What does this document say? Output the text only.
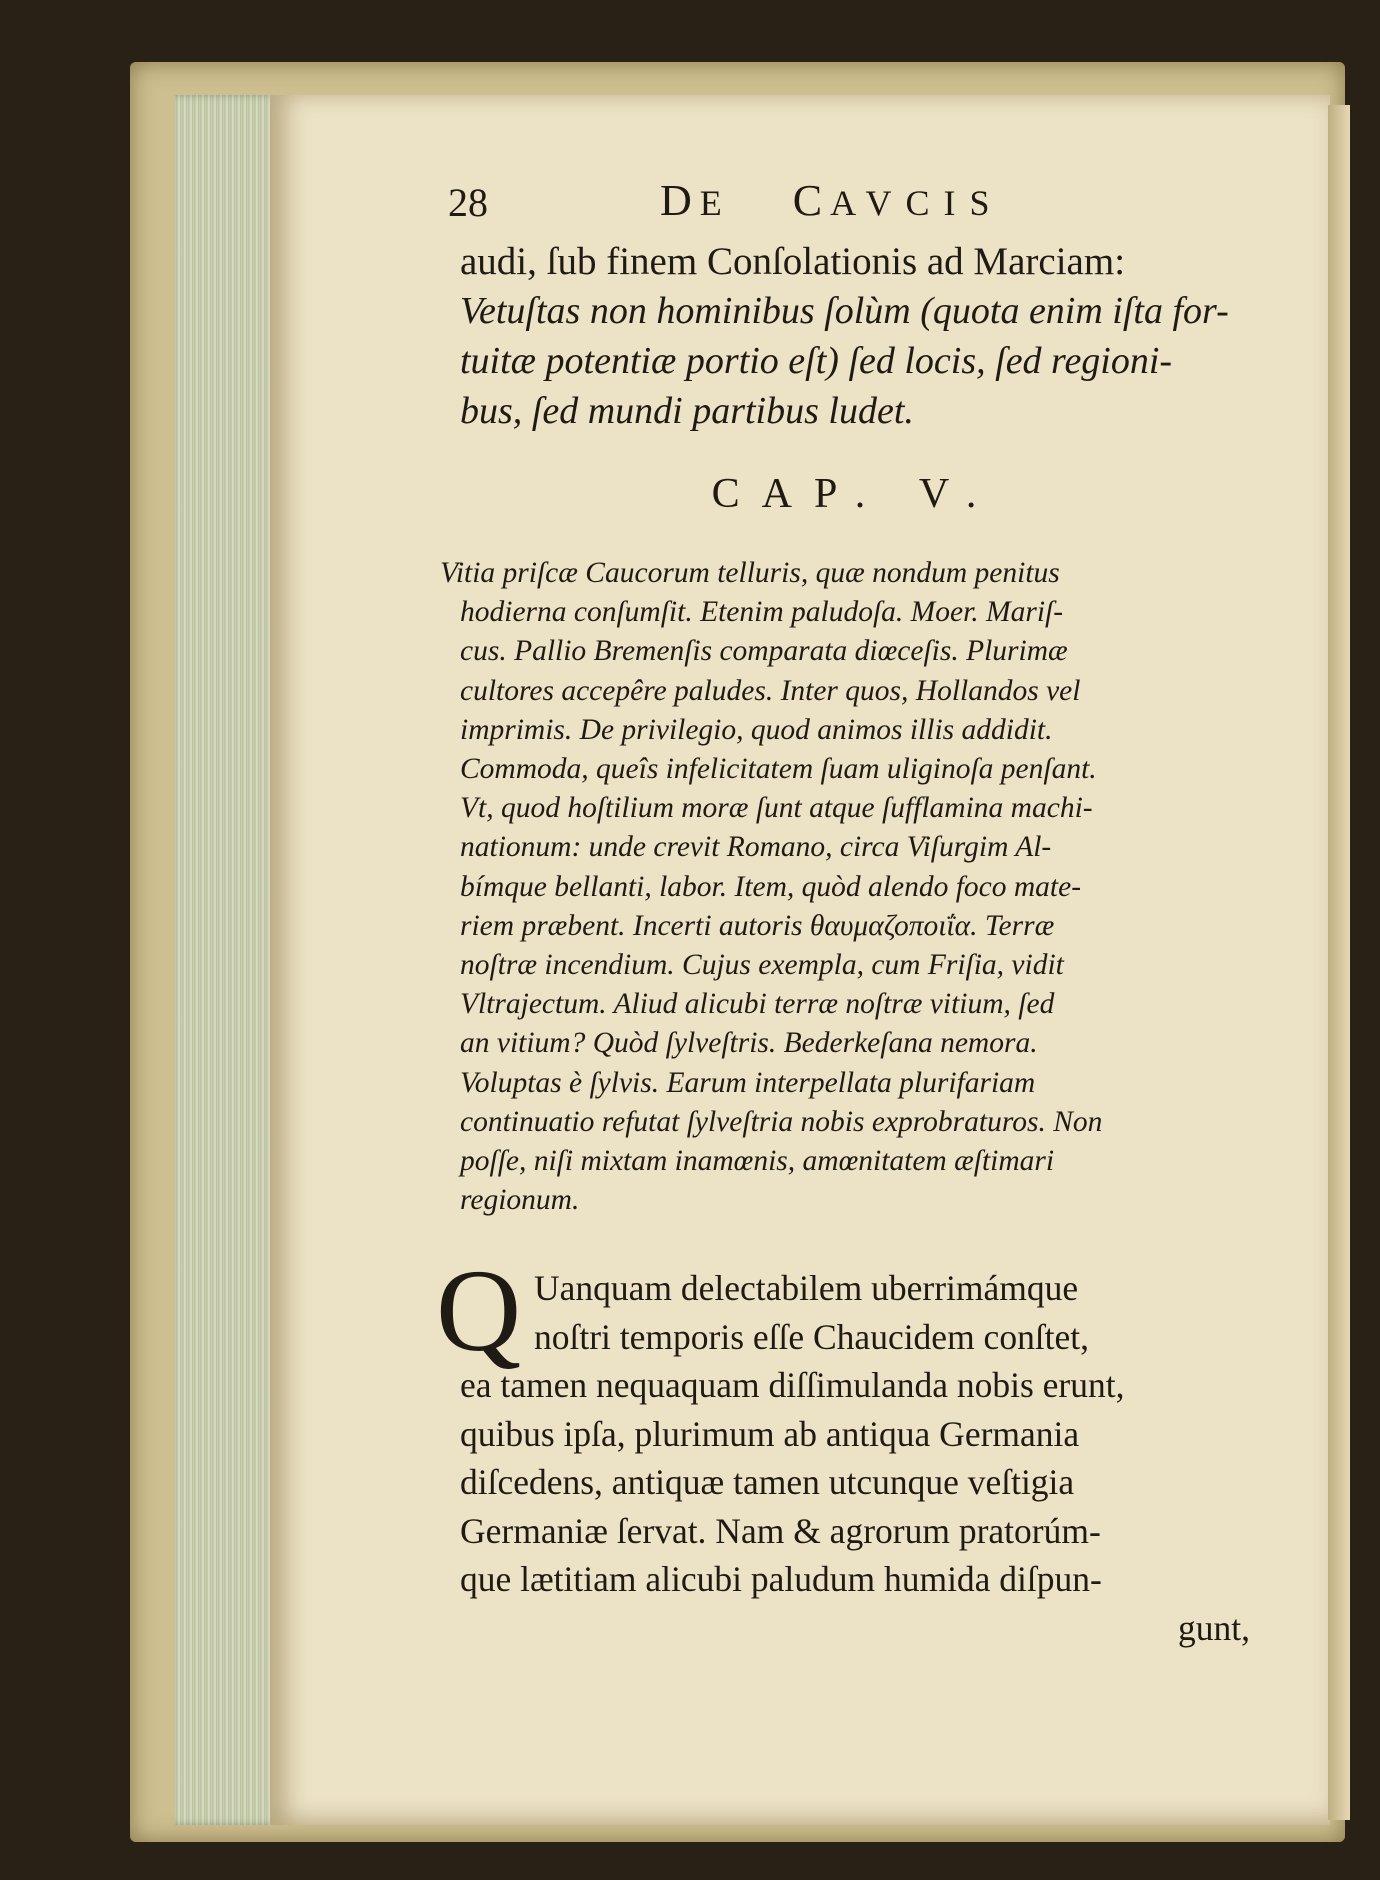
28	DE CAVCIS

audi, ſub finem Conſolationis ad Marciam:

Vetuſtas non hominibus ſolùm (quota enim iſta for-
tuitæ potentiæ portio eſt) ſed locis, ſed regioni-
bus, ſed mundi partibus ludet.
CAP. V.
Vitia priſcæ Caucorum telluris, quæ nondum penitus
hodierna conſumſit. Etenim paludoſa. Moer. Mariſ-
cus. Pallio Bremenſis comparata diœceſis. Plurimæ
cultores accepêre paludes. Inter quos, Hollandos vel
imprimis. De privilegio, quod animos illis addidit.
Commoda, queîs infelicitatem ſuam uliginoſa penſant.
Vt, quod hoſtilium moræ ſunt atque ſufflamina machi-
nationum: unde crevit Romano, circa Viſurgim Al-
bímque bellanti, labor. Item, quòd alendo foco mate-
riem præbent. Incerti autoris θαυμαζοποιΐα. Terræ
noſtræ incendium. Cujus exempla, cum Friſia, vidit
Vltrajectum. Aliud alicubi terræ noſtræ vitium, ſed
an vitium? Quòd ſylveſtris. Bederkeſana nemora.
Voluptas è ſylvis. Earum interpellata plurifariam
continuatio refutat ſylveſtria nobis exprobraturos. Non
poſſe, niſi mixtam inamœnis, amœnitatem æſtimari
regionum.
Q Uanquam delectabilem uberrimámque
noſtri temporis eſſe Chaucidem conſtet,
ea tamen nequaquam diſſimulanda nobis erunt,
quibus ipſa, plurimum ab antiqua Germania
diſcedens, antiquæ tamen utcunque veſtigia
Germaniæ ſervat. Nam & agrorum pratorúm-
que lætitiam alicubi paludum humida diſpun-
gunt,
